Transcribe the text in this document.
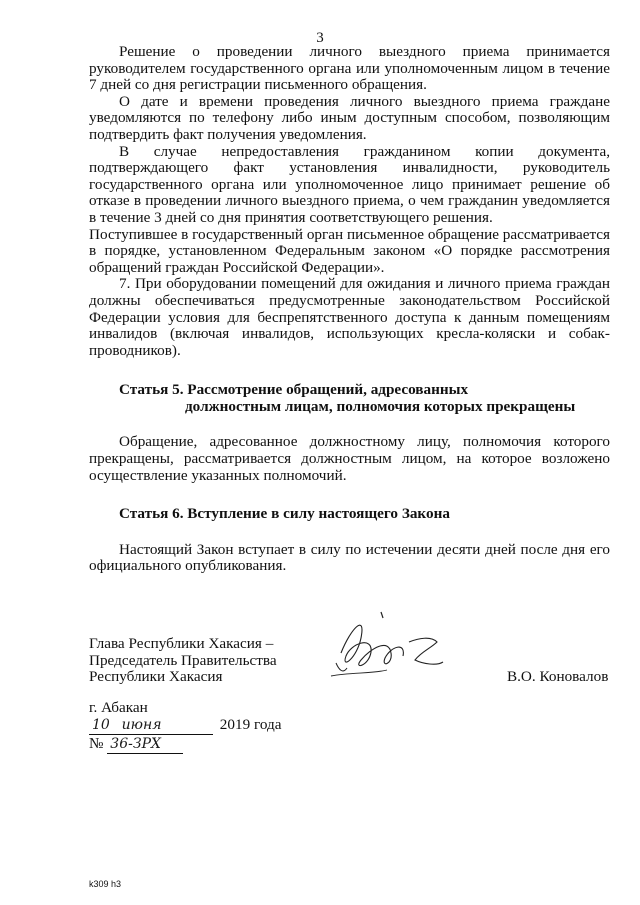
3

Решение о проведении личного выездного приема принимается руководителем государственного органа или уполномоченным лицом в течение 7 дней со дня регистрации письменного обращения.

О дате и времени проведения личного выездного приема граждане уведомляются по телефону либо иным доступным способом, позволяющим подтвердить факт получения уведомления.

В случае непредоставления гражданином копии документа, подтверждающего факт установления инвалидности, руководитель государственного органа или уполномоченное лицо принимает решение об отказе в проведении личного выездного приема, о чем гражданин уведомляется в течение 3 дней со дня принятия соответствующего решения.

Поступившее в государственный орган письменное обращение рассматривается в порядке, установленном Федеральным законом «О порядке рассмотрения обращений граждан Российской Федерации».

7. При оборудовании помещений для ожидания и личного приема граждан должны обеспечиваться предусмотренные законодательством Российской Федерации условия для беспрепятственного доступа к данным помещениям инвалидов (включая инвалидов, использующих кресла-коляски и собак-проводников).

Статья 5. Рассмотрение обращений, адресованных
должностным лицам, полномочия которых прекращены

Обращение, адресованное должностному лицу, полномочия которого прекращены, рассматривается должностным лицом, на которое возложено осуществление указанных полномочий.

Статья 6. Вступление в силу настоящего Закона

Настоящий Закон вступает в силу по истечении десяти дней после дня его официального опубликования.

Глава Республики Хакасия –
Председатель Правительства
Республики Хакасия	В.О. Коновалов
г. Абакан
10 июня	2019 года
№ 36-ЗРХ
k309 h3
